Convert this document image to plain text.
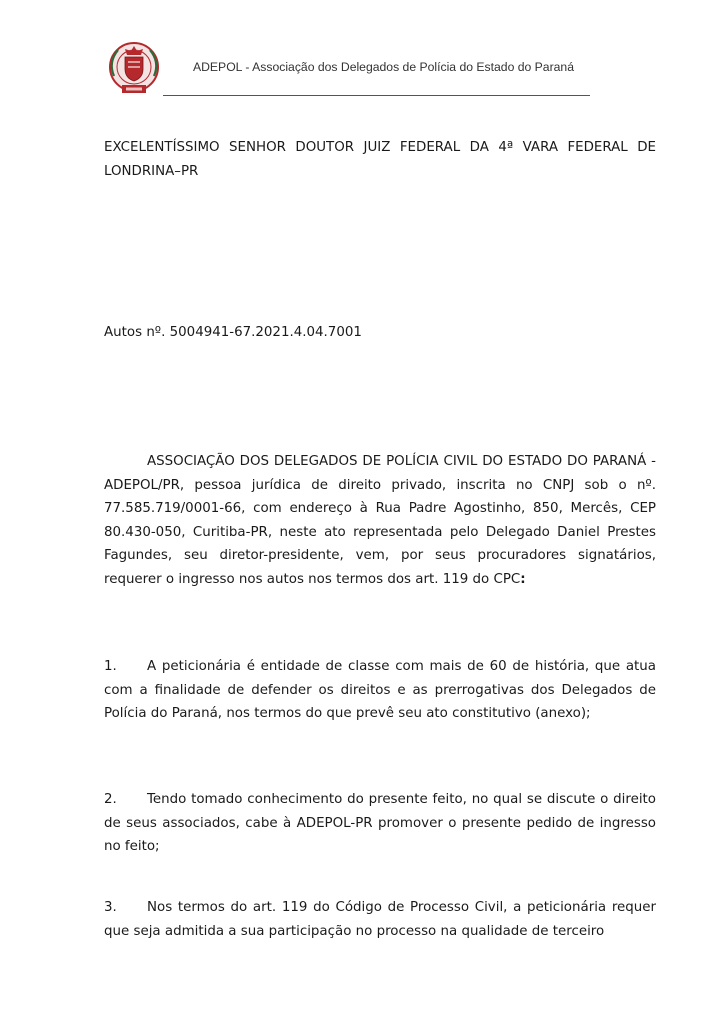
ADEPOL - Associação dos Delegados de Polícia do Estado do Paraná

EXCELENTÍSSIMO SENHOR DOUTOR JUIZ FEDERAL DA 4ª VARA FEDERAL DE LONDRINA–PR

Autos nº. 5004941-67.2021.4.04.7001

ASSOCIAÇÃO DOS DELEGADOS DE POLÍCIA CIVIL DO ESTADO DO PARANÁ - ADEPOL/PR, pessoa jurídica de direito privado, inscrita no CNPJ sob o nº. 77.585.719/0001-66, com endereço à Rua Padre Agostinho, 850, Mercês, CEP 80.430-050, Curitiba-PR, neste ato representada pelo Delegado Daniel Prestes Fagundes, seu diretor-presidente, vem, por seus procuradores signatários, requerer o ingresso nos autos nos termos dos art. 119 do CPC:

1. A peticionária é entidade de classe com mais de 60 de história, que atua com a finalidade de defender os direitos e as prerrogativas dos Delegados de Polícia do Paraná, nos termos do que prevê seu ato constitutivo (anexo);

2. Tendo tomado conhecimento do presente feito, no qual se discute o direito de seus associados, cabe à ADEPOL-PR promover o presente pedido de ingresso no feito;

3. Nos termos do art. 119 do Código de Processo Civil, a peticionária requer que seja admitida a sua participação no processo na qualidade de terceiro
